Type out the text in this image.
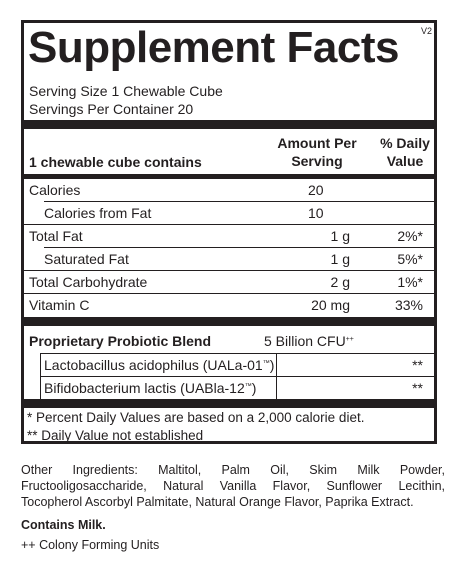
Supplement Facts V2
Serving Size 1 Chewable Cube
Servings Per Container 20
1 chewable cube contains
Amount Per
Serving
% Daily
Value
Calories	20
Calories from Fat	10
Total Fat	1 g	2%*
Saturated Fat	1 g	5%*
Total Carbohydrate	2 g	1%*
Vitamin C	20 mg	33%
Proprietary Probiotic Blend	5 Billion CFU++
Lactobacillus acidophilus (UALa-01™)	**
Bifidobacterium lactis (UABla-12™)	**
* Percent Daily Values are based on a 2,000 calorie diet.
** Daily Value not established
Other Ingredients: Maltitol, Palm Oil, Skim Milk Powder, Fructooligosaccharide, Natural Vanilla Flavor, Sunflower Lecithin, Tocopherol Ascorbyl Palmitate, Natural Orange Flavor, Paprika Extract.
Contains Milk.
++ Colony Forming Units
